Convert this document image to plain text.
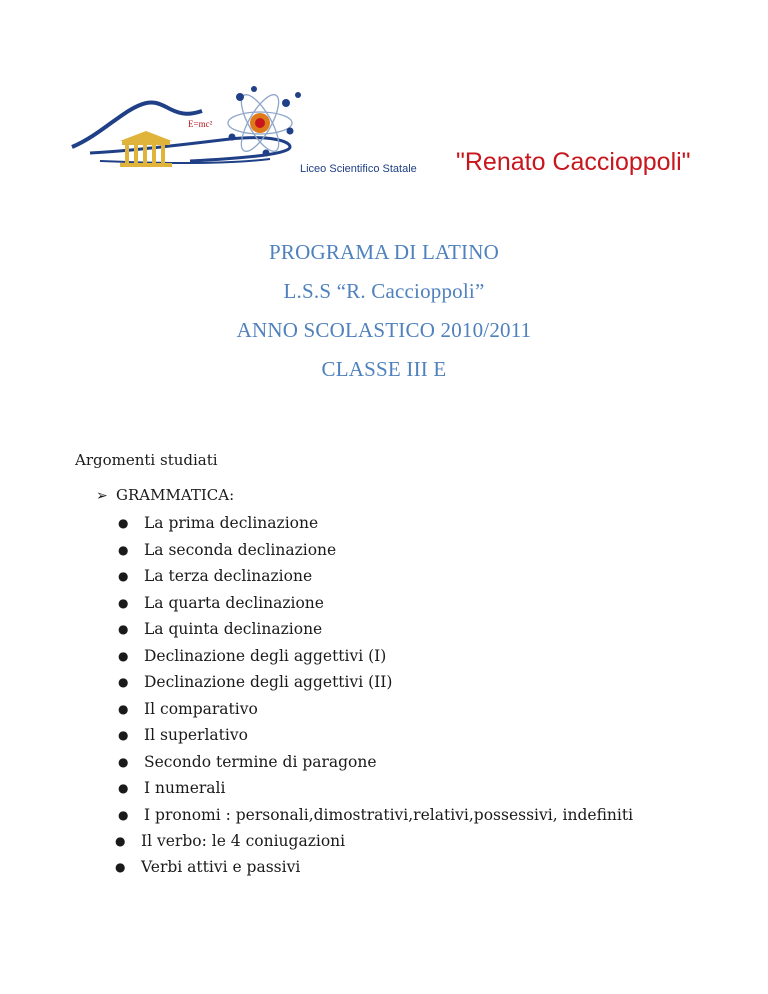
E=mc²
Liceo Scientifico Statale "Renato Caccioppoli"
PROGRAMA DI LATINO
L.S.S “R. Caccioppoli”
ANNO SCOLASTICO 2010/2011
CLASSE III E
Argomenti studiati
➢ GRAMMATICA:
● La prima declinazione
● La seconda declinazione
● La terza declinazione
● La quarta declinazione
● La quinta declinazione
● Declinazione degli aggettivi (I)
● Declinazione degli aggettivi (II)
● Il comparativo
● Il superlativo
● Secondo termine di paragone
● I numerali
● I pronomi : personali,dimostrativi,relativi,possessivi, indefiniti
● Il verbo: le 4 coniugazioni
● Verbi attivi e passivi
